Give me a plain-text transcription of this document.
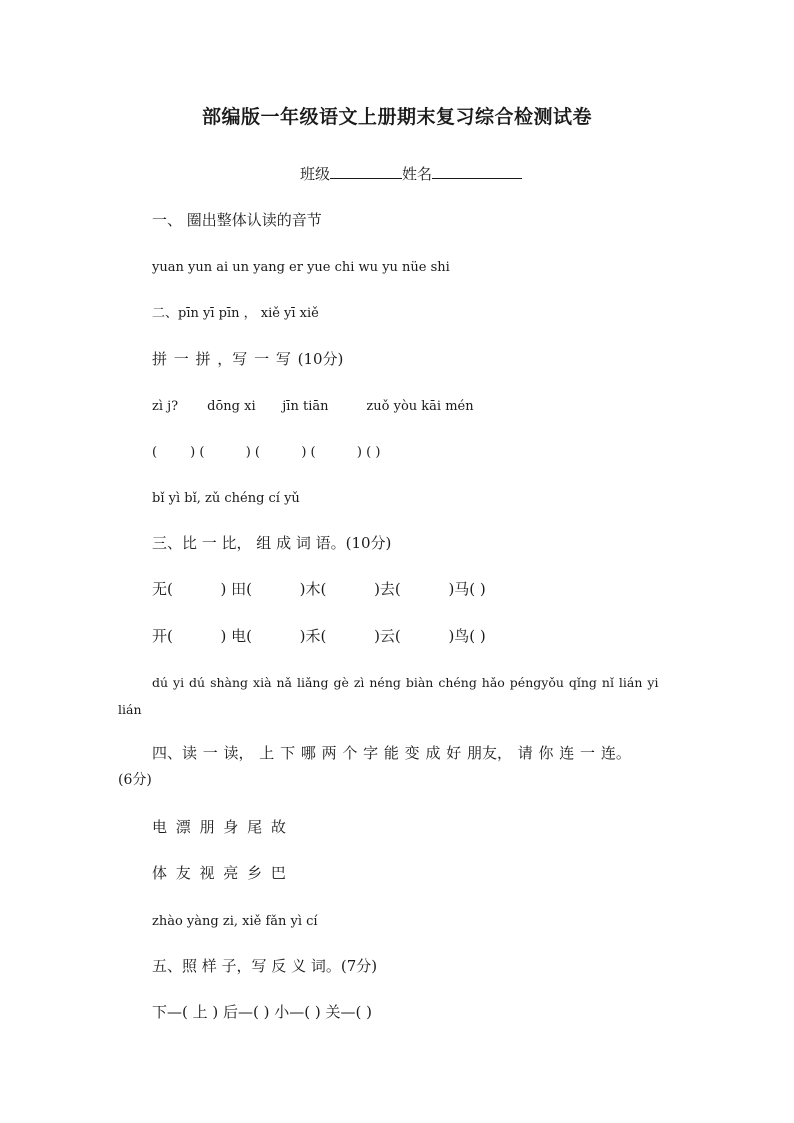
部编版一年级语文上册期末复习综合检测试卷
班级	姓名
一、 圈出整体认读的音节
yuan yun ai un yang er yue chi wu yu nüe shi
二、pīn yī pīn ， xiě yī xiě
拼 一 拼 ，写 一 写 (10分)
zì j? dōng xi jīn tiān	zuǒ yòu kāi mén
(        ) (          ) (          ) (          ) ( )
bǐ yì bǐ, zǔ chéng cí yǔ
三、比 一 比， 组 成 词 语。(10分)
无(          ) 田(          )木(          )去(          )马( )
开(          ) 电(          )禾(          )云(          )鸟( )
dú yi dú shàng xià nǎ liǎng gè zì néng biàn chéng hǎo péngyǒu qǐng nǐ lián yi
lián
四、读 一 读， 上 下 哪 两 个 字 能 变 成 好 朋友， 请 你 连 一 连。
(6分)
电 漂 朋 身 尾 故
体 友 视 亮 乡 巴
zhào yàng zi, xiě fǎn yì cí
五、照 样 子，写 反 义 词。(7分)
下—( 上 ) 后—( ) 小—( ) 关—( )
